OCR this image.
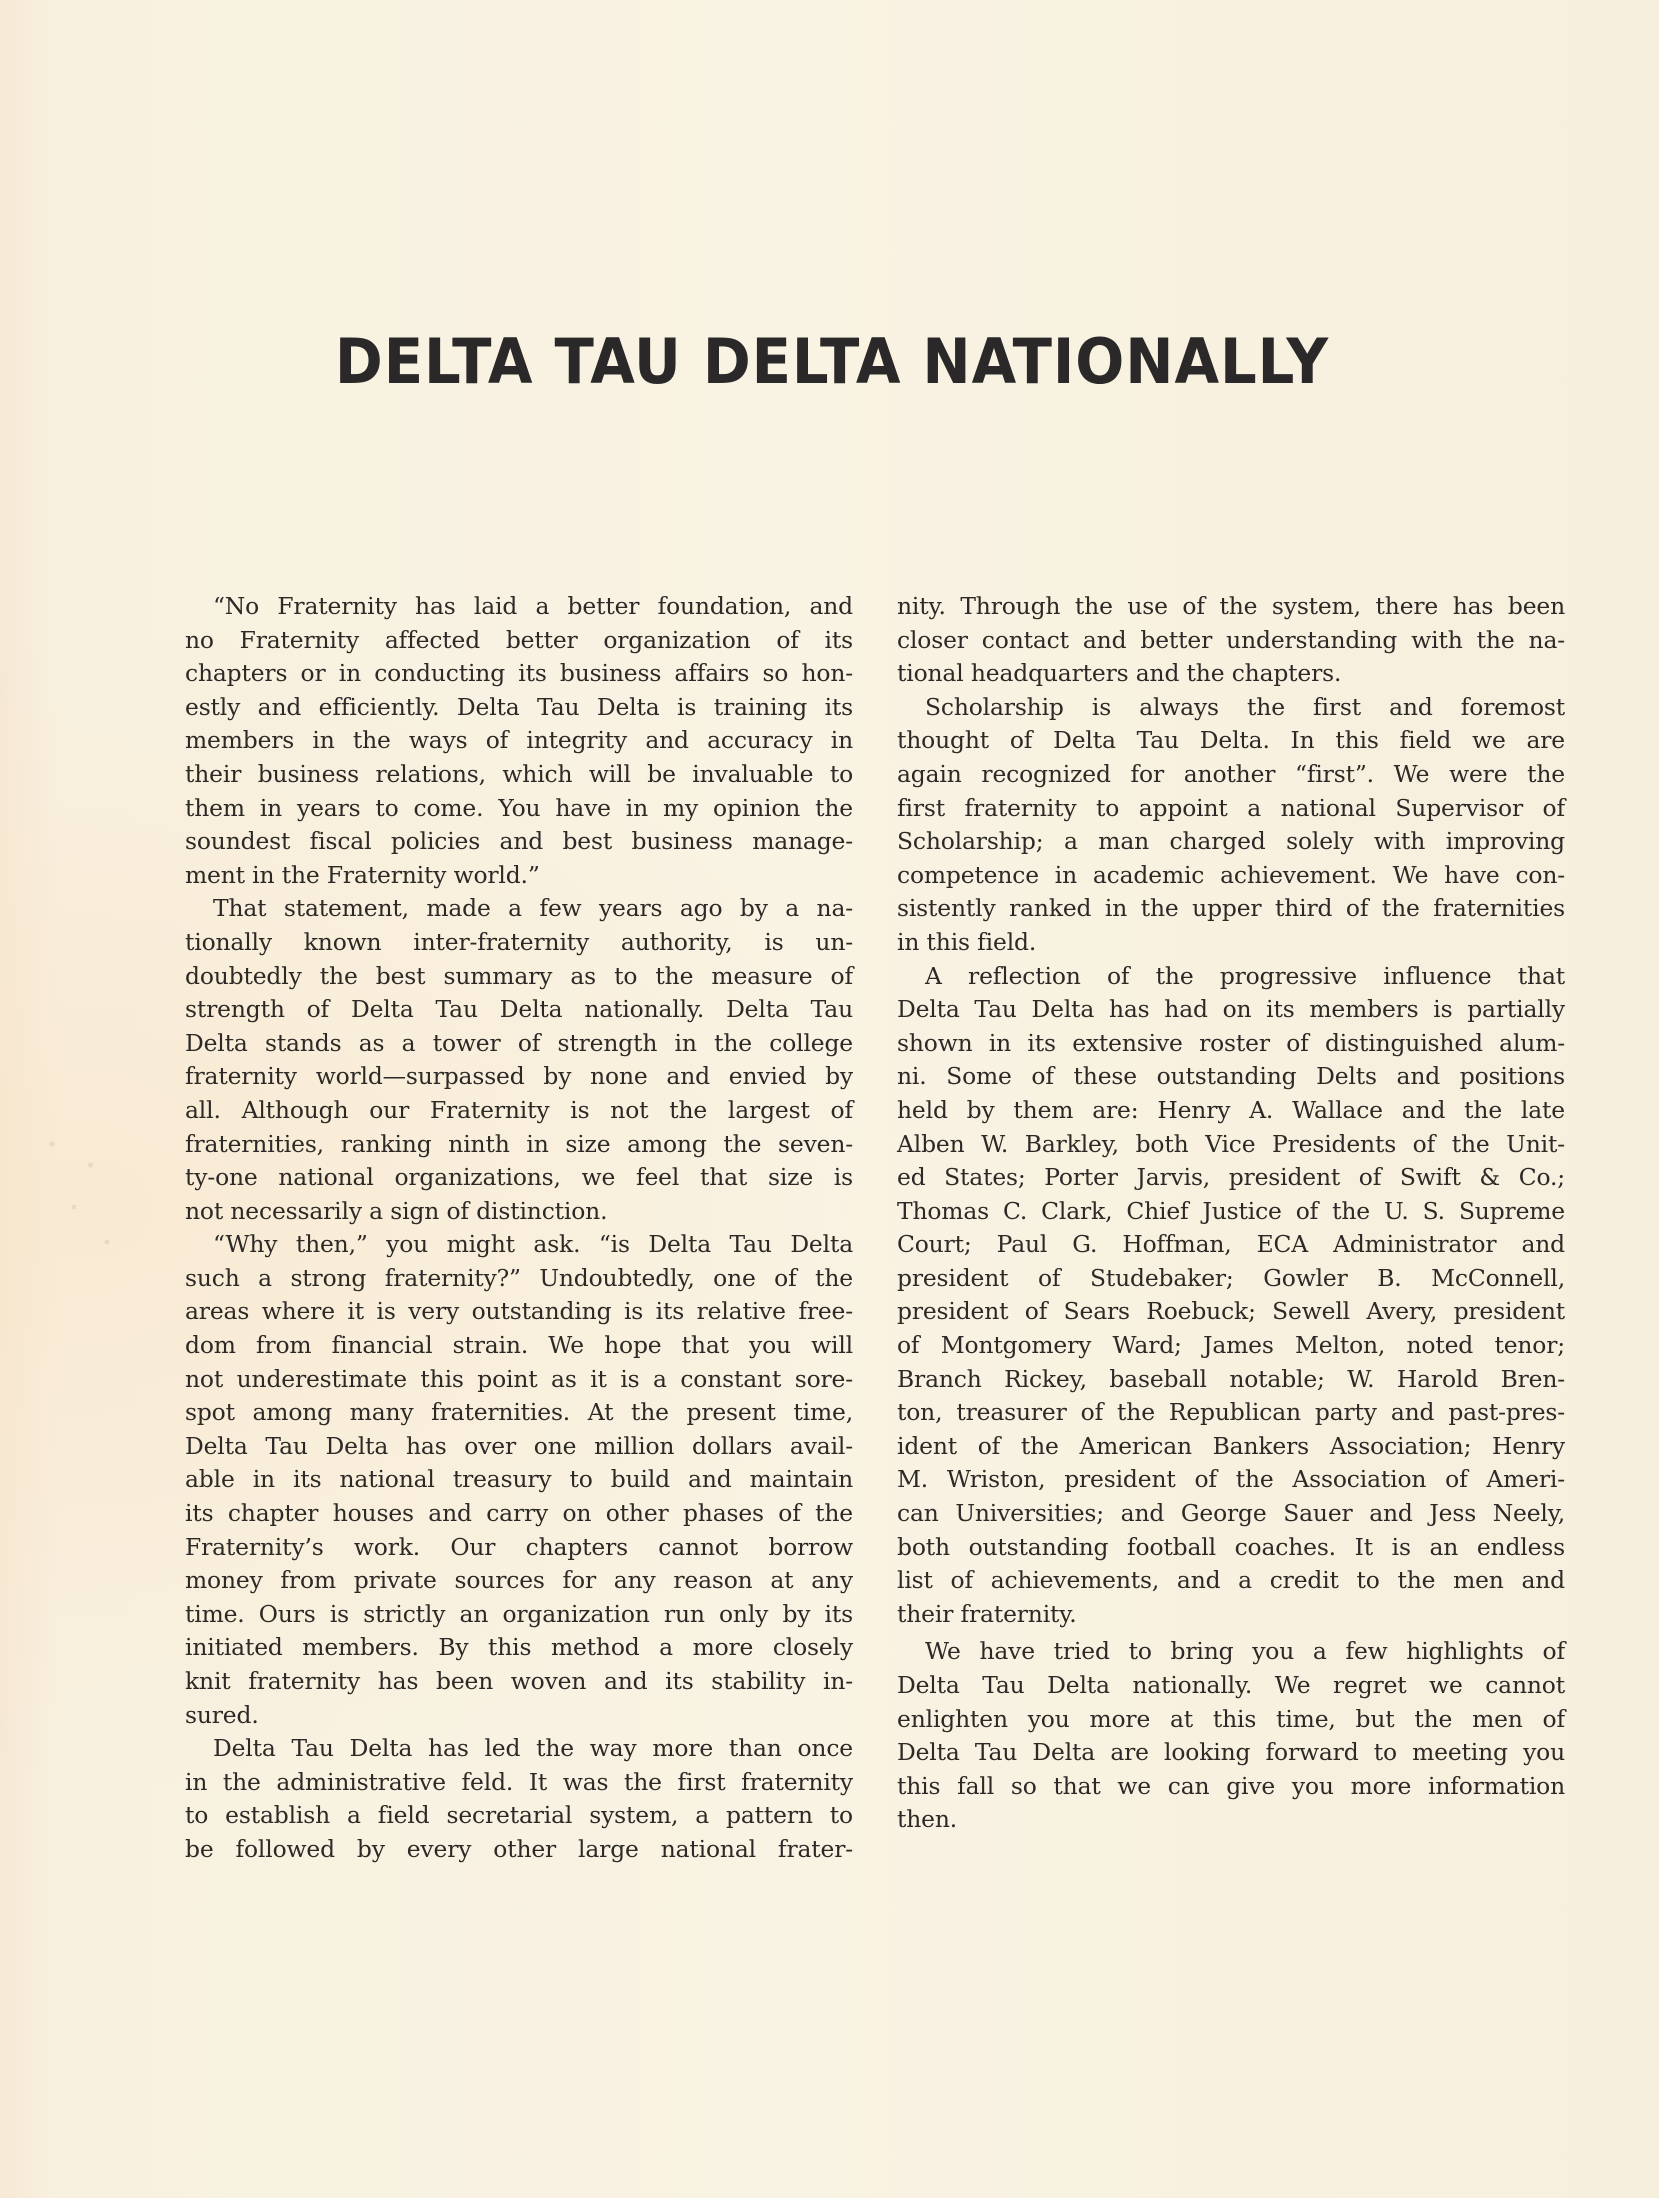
DELTA TAU DELTA NATIONALLY
“No Fraternity has laid a better foundation, and
no Fraternity affected better organization of its
chapters or in conducting its business affairs so hon-
estly and efficiently. Delta Tau Delta is training its
members in the ways of integrity and accuracy in
their business relations, which will be invaluable to
them in years to come. You have in my opinion the
soundest fiscal policies and best business manage-
ment in the Fraternity world.”
That statement, made a few years ago by a na-
tionally known inter-fraternity authority, is un-
doubtedly the best summary as to the measure of
strength of Delta Tau Delta nationally. Delta Tau
Delta stands as a tower of strength in the college
fraternity world—surpassed by none and envied by
all. Although our Fraternity is not the largest of
fraternities, ranking ninth in size among the seven-
ty-one national organizations, we feel that size is
not necessarily a sign of distinction.
“Why then,” you might ask. “is Delta Tau Delta
such a strong fraternity?” Undoubtedly, one of the
areas where it is very outstanding is its relative free-
dom from financial strain. We hope that you will
not underestimate this point as it is a constant sore-
spot among many fraternities. At the present time,
Delta Tau Delta has over one million dollars avail-
able in its national treasury to build and maintain
its chapter houses and carry on other phases of the
Fraternity’s work. Our chapters cannot borrow
money from private sources for any reason at any
time. Ours is strictly an organization run only by its
initiated members. By this method a more closely
knit fraternity has been woven and its stability in-
sured.
Delta Tau Delta has led the way more than once
in the administrative feld. It was the first fraternity
to establish a field secretarial system, a pattern to
be followed by every other large national frater-
nity. Through the use of the system, there has been
closer contact and better understanding with the na-
tional headquarters and the chapters.
Scholarship is always the first and foremost
thought of Delta Tau Delta. In this field we are
again recognized for another “first”. We were the
first fraternity to appoint a national Supervisor of
Scholarship; a man charged solely with improving
competence in academic achievement. We have con-
sistently ranked in the upper third of the fraternities
in this field.
A reflection of the progressive influence that
Delta Tau Delta has had on its members is partially
shown in its extensive roster of distinguished alum-
ni. Some of these outstanding Delts and positions
held by them are: Henry A. Wallace and the late
Alben W. Barkley, both Vice Presidents of the Unit-
ed States; Porter Jarvis, president of Swift & Co.;
Thomas C. Clark, Chief Justice of the U. S. Supreme
Court; Paul G. Hoffman, ECA Administrator and
president of Studebaker; Gowler B. McConnell,
president of Sears Roebuck; Sewell Avery, president
of Montgomery Ward; James Melton, noted tenor;
Branch Rickey, baseball notable; W. Harold Bren-
ton, treasurer of the Republican party and past-pres-
ident of the American Bankers Association; Henry
M. Wriston, president of the Association of Ameri-
can Universities; and George Sauer and Jess Neely,
both outstanding football coaches. It is an endless
list of achievements, and a credit to the men and
their fraternity.
We have tried to bring you a few highlights of
Delta Tau Delta nationally. We regret we cannot
enlighten you more at this time, but the men of
Delta Tau Delta are looking forward to meeting you
this fall so that we can give you more information
then.
